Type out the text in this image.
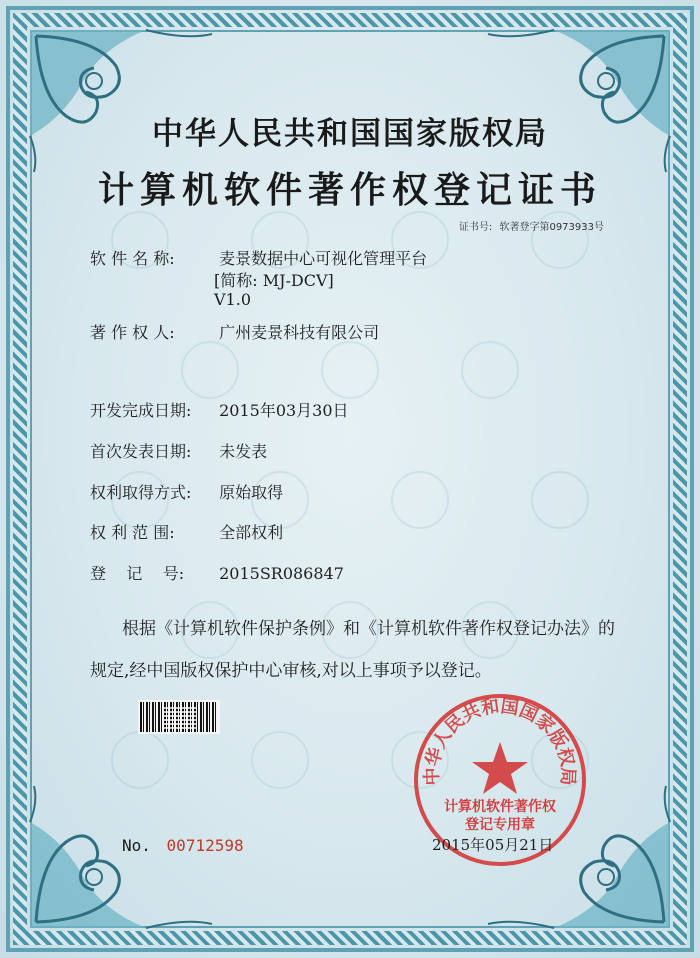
中华人民共和国国家版权局
计算机软件著作权登记证书
证书号: 软著登字第0973933号
软 件 名 称:	麦景数据中心可视化管理平台
[简称: MJ-DCV]
V1.0
著 作 权 人:	广州麦景科技有限公司
开发完成日期: 2015年03月30日
首次发表日期: 未发表
权利取得方式: 原始取得
权 利 范 围:	全部权利
登    记    号: 2015SR086847
根据《计算机软件保护条例》和《计算机软件著作权登记办法》的
规定,经中国版权保护中心审核,对以上事项予以登记。
No. 00712598
中华人民共和国国家版权局
计算机软件著作权
登记专用章
2015年05月21日
